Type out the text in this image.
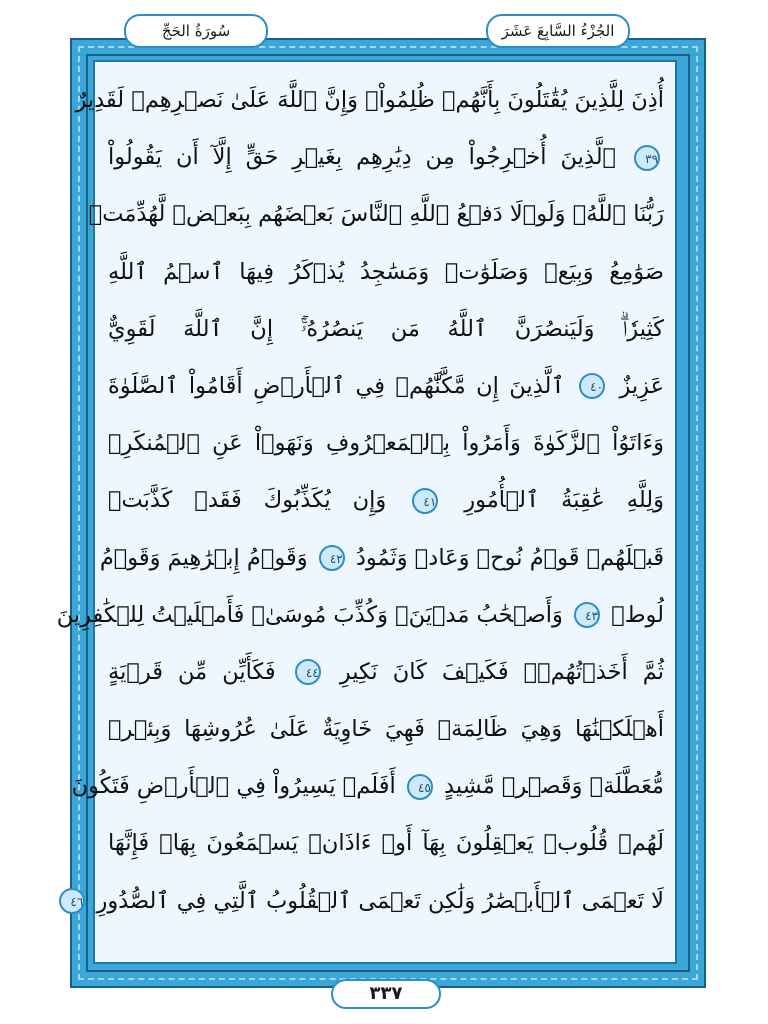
سُورَةُ الحَجِّ	الجُزْءُ السَّابِعَ عَشَرَ
أُذِنَ لِلَّذِينَ يُقَٰتَلُونَ بِأَنَّهُمۡ ظُلِمُواْۚ وَإِنَّ ٱللَّهَ عَلَىٰ نَصۡرِهِمۡ لَقَدِيرٌ
٣٩ ٱلَّذِينَ أُخۡرِجُواْ مِن دِيَٰرِهِم بِغَيۡرِ حَقٍّ إِلَّآ أَن يَقُولُواْ
رَبُّنَا ٱللَّهُۗ وَلَوۡلَا دَفۡعُ ٱللَّهِ ٱلنَّاسَ بَعۡضَهُم بِبَعۡضٖ لَّهُدِّمَتۡ
صَوَٰمِعُ وَبِيَعٞ وَصَلَوَٰتٞ وَمَسَٰجِدُ يُذۡكَرُ فِيهَا ٱسۡمُ ٱللَّهِ
كَثِيرٗاۗ وَلَيَنصُرَنَّ ٱللَّهُ مَن يَنصُرُهُۥٓۚ إِنَّ ٱللَّهَ لَقَوِيٌّ
عَزِيزٌ ٤٠ ٱلَّذِينَ إِن مَّكَّنَّٰهُمۡ فِي ٱلۡأَرۡضِ أَقَامُواْ ٱلصَّلَوٰةَ
وَءَاتَوُاْ ٱلزَّكَوٰةَ وَأَمَرُواْ بِٱلۡمَعۡرُوفِ وَنَهَوۡاْ عَنِ ٱلۡمُنكَرِۗ
وَلِلَّهِ عَٰقِبَةُ ٱلۡأُمُورِ ٤١ وَإِن يُكَذِّبُوكَ فَقَدۡ كَذَّبَتۡ
قَبۡلَهُمۡ قَوۡمُ نُوحٖ وَعَادٞ وَثَمُودُ ٤٢ وَقَوۡمُ إِبۡرَٰهِيمَ وَقَوۡمُ
لُوطٖ ٤٣ وَأَصۡحَٰبُ مَدۡيَنَۖ وَكُذِّبَ مُوسَىٰۖ فَأَمۡلَيۡتُ لِلۡكَٰفِرِينَ
ثُمَّ أَخَذۡتُهُمۡۖ فَكَيۡفَ كَانَ نَكِيرِ ٤٤ فَكَأَيِّن مِّن قَرۡيَةٍ
أَهۡلَكۡنَٰهَا وَهِيَ ظَالِمَةٞ فَهِيَ خَاوِيَةٌ عَلَىٰ عُرُوشِهَا وَبِئۡرٖ
مُّعَطَّلَةٖ وَقَصۡرٖ مَّشِيدٍ ٤٥ أَفَلَمۡ يَسِيرُواْ فِي ٱلۡأَرۡضِ فَتَكُونَ
لَهُمۡ قُلُوبٞ يَعۡقِلُونَ بِهَآ أَوۡ ءَاذَانٞ يَسۡمَعُونَ بِهَاۖ فَإِنَّهَا
لَا تَعۡمَى ٱلۡأَبۡصَٰرُ وَلَٰكِن تَعۡمَى ٱلۡقُلُوبُ ٱلَّتِي فِي ٱلصُّدُورِ ٤٦
٣٣٧
